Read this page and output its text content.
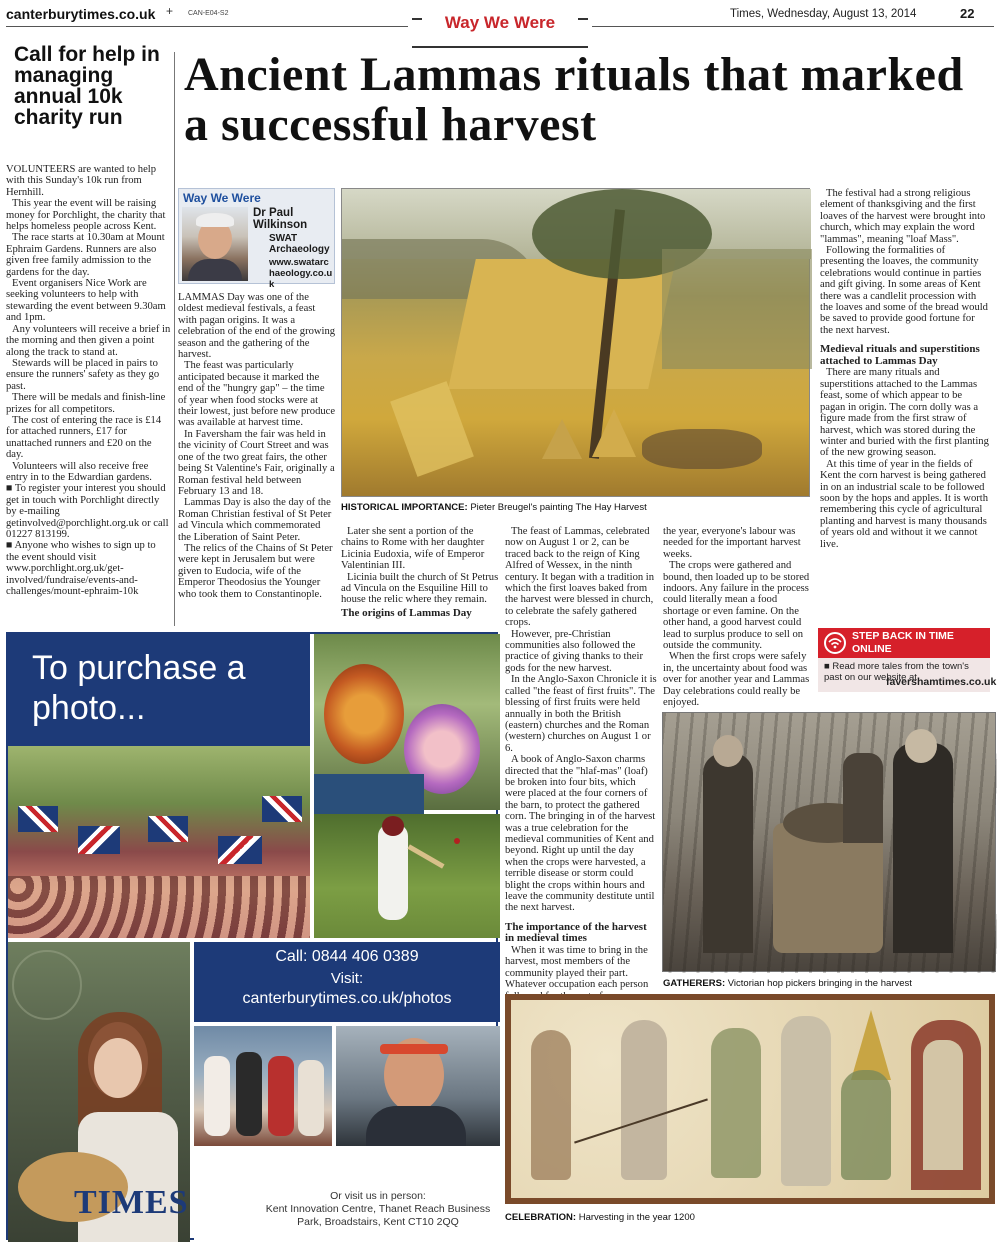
canterburytimes.co.uk + CAN-E04-S2	Way We Were	Times, Wednesday, August 13, 2014	22
Call for help in managing annual 10k charity run

VOLUNTEERS are wanted to help with this Sunday's 10k run from Hernhill.

This year the event will be raising money for Porchlight, the charity that helps homeless people across Kent.

The race starts at 10.30am at Mount Ephraim Gardens. Runners are also given free family admission to the gardens for the day.

Event organisers Nice Work are seeking volunteers to help with stewarding the event between 9.30am and 1pm.

Any volunteers will receive a brief in the morning and then given a point along the track to stand at.

Stewards will be placed in pairs to ensure the runners' safety as they go past.

There will be medals and finish-line prizes for all competitors.

The cost of entering the race is £14 for attached runners, £17 for unattached runners and £20 on the day.

Volunteers will also receive free entry in to the Edwardian gardens.

■ To register your interest you should get in touch with Porchlight directly by e-mailing getinvolved@porchlight.org.uk or call 01227 813199.

■ Anyone who wishes to sign up to the event should visit www.porchlight.org.uk/get-involved/fundraise/events-and-challenges/mount-ephraim-10k

Ancient Lammas rituals that marked a successful harvest
Way We Were
Dr Paul Wilkinson
SWAT Archaeology
www.swatarchaeology.co.uk

LAMMAS Day was one of the oldest medieval festivals, a feast with pagan origins. It was a celebration of the end of the growing season and the gathering of the harvest.

The feast was particularly anticipated because it marked the end of the "hungry gap" – the time of year when food stocks were at their lowest, just before new produce was available at harvest time.

In Faversham the fair was held in the vicinity of Court Street and was one of the two great fairs, the other being St Valentine's Fair, originally a Roman festival held between February 13 and 18.

Lammas Day is also the day of the Roman Christian festival of St Peter ad Vincula which commemorated the Liberation of Saint Peter.

The relics of the Chains of St Peter were kept in Jerusalem but were given to Eudocia, wife of the Emperor Theodosius the Younger who took them to Constantinople.

HISTORICAL IMPORTANCE: Pieter Breugel's painting The Hay Harvest

The festival had a strong religious element of thanksgiving and the first loaves of the harvest were brought into church, which may explain the word "lammas", meaning "loaf Mass".

Following the formalities of presenting the loaves, the community celebrations would continue in parties and gift giving. In some areas of Kent there was a candlelit procession with the loaves and some of the bread would be saved to provide good fortune for the next harvest.

Medieval rituals and superstitions attached to Lammas Day

There are many rituals and superstitions attached to the Lammas feast, some of which appear to be pagan in origin. The corn dolly was a figure made from the first straw of harvest, which was stored during the winter and buried with the first planting of the new growing season.

At this time of year in the fields of Kent the corn harvest is being gathered in on an industrial scale to be followed soon by the hops and apples. It is worth remembering this cycle of agricultural planting and harvest is many thousands of years old and without it we cannot live.

Later she sent a portion of the chains to Rome with her daughter Licinia Eudoxia, wife of Emperor Valentinian III.

Licinia built the church of St Petrus ad Vincula on the Esquiline Hill to house the relic where they remain.

The origins of Lammas Day

The feast of Lammas, celebrated now on August 1 or 2, can be traced back to the reign of King Alfred of Wessex, in the ninth century. It began with a tradition in which the first loaves baked from the harvest were blessed in church, to celebrate the safely gathered crops.

However, pre-Christian communities also followed the practice of giving thanks to their gods for the new harvest.

In the Anglo-Saxon Chronicle it is called "the feast of first fruits". The blessing of first fruits were held annually in both the British (eastern) churches and the Roman (western) churches on August 1 or 6.

A book of Anglo-Saxon charms directed that the "hlaf-mas" (loaf) be broken into four bits, which were placed at the four corners of the barn, to protect the gathered corn. The bringing in of the harvest was a true celebration for the medieval communities of Kent and beyond. Right up until the day when the crops were harvested, a terrible disease or storm could blight the crops within hours and leave the community destitute until the next harvest.

The importance of the harvest in medieval times

When it was time to bring in the harvest, most members of the community played their part. Whatever occupation each person

the year, everyone's labour was needed for the important harvest weeks.

The crops were gathered and bound, then loaded up to be stored indoors. Any failure in the process could literally mean a food shortage or even famine. On the other hand, a good harvest could lead to surplus produce to sell on outside the community.

When the first crops were safely in, the uncertainty about food was over for another year and Lammas Day celebrations could really be enjoyed.

STEP BACK IN TIME ONLINE
■ Read more tales from the town's past on our website at
favershamtimes.co.uk
GATHERERS: Victorian hop pickers bringing in the harvest
CELEBRATION: Harvesting in the year 1200
To purchase a photo...
Call: 0844 406 0389
Visit:
canterburytimes.co.uk/photos
TIMES	Or visit us in person:
Kent Innovation Centre, Thanet Reach Business Park, Broadstairs, Kent CT10 2QQ
